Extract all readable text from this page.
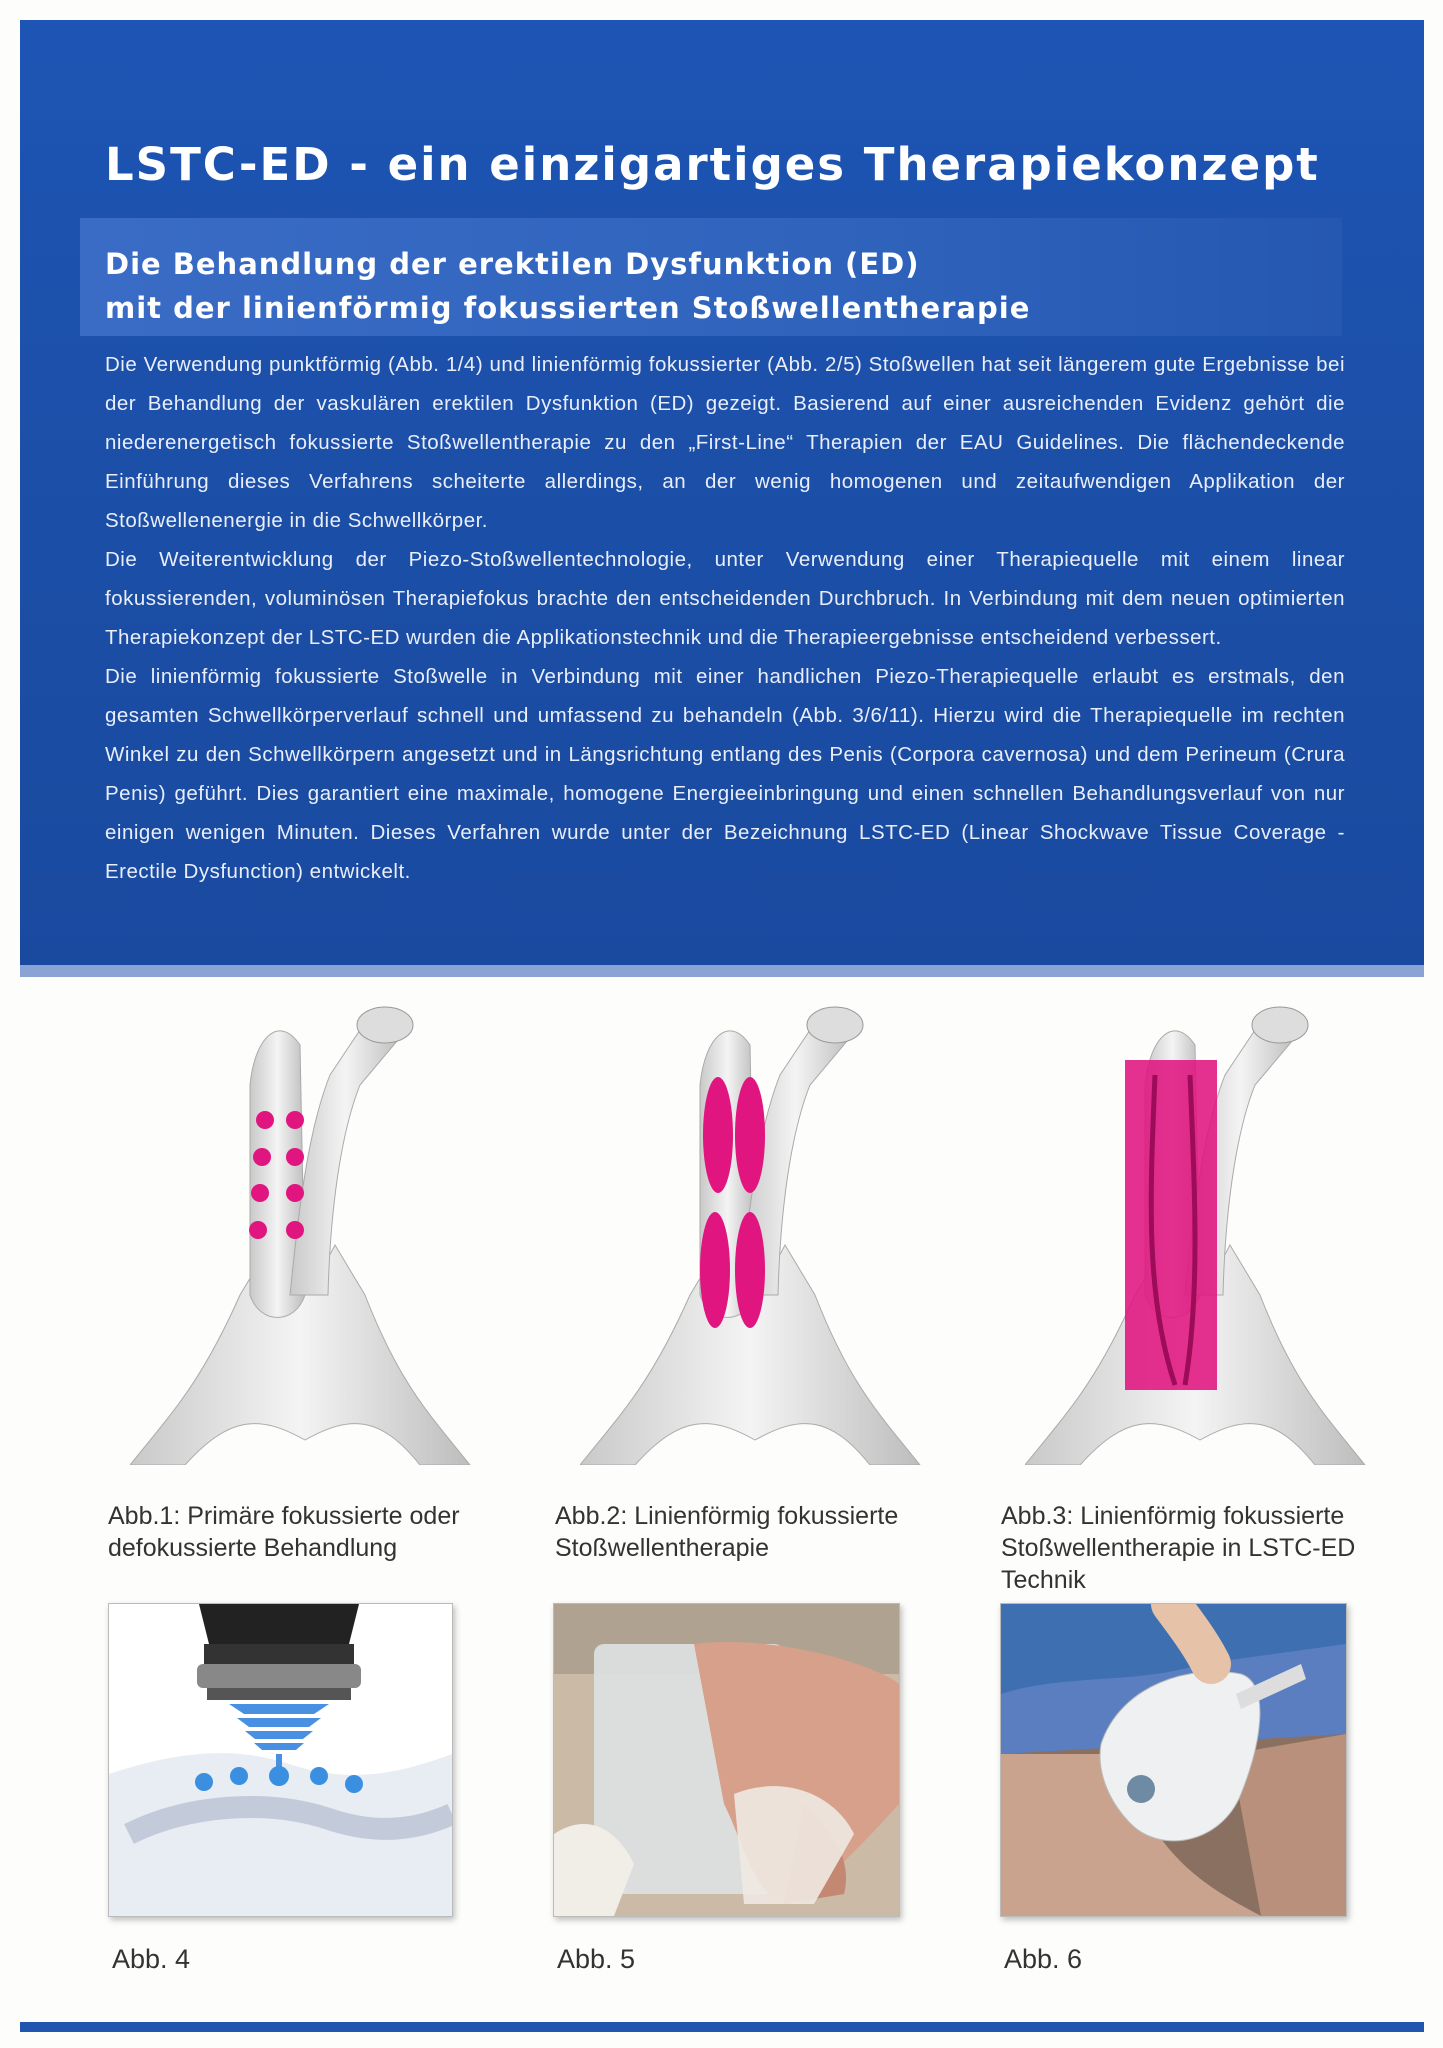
LSTC-ED - ein einzigartiges Therapiekonzept
Die Behandlung der erektilen Dysfunktion (ED)
mit der linienförmig fokussierten Stoßwellentherapie

Die Verwendung punktförmig (Abb. 1/4) und linienförmig fokussierter (Abb. 2/5) Stoßwellen hat seit längerem gute Ergebnisse bei der Behandlung der vaskulären erektilen Dysfunktion (ED) gezeigt. Basierend auf einer ausreichenden Evidenz gehört die niederenergetisch fokussierte Stoßwellentherapie zu den „First-Line“ Therapien der EAU Guidelines. Die flächendeckende Einführung dieses Verfahrens scheiterte allerdings, an der wenig homogenen und zeitaufwendigen Applikation der Stoßwellenenergie in die Schwellkörper.

Die Weiterentwicklung der Piezo-Stoßwellentechnologie, unter Verwendung einer Therapiequelle mit einem linear fokussierenden, voluminösen Therapiefokus brachte den entscheidenden Durchbruch. In Verbindung mit dem neuen optimierten Therapiekonzept der LSTC-ED wurden die Applikationstechnik und die Therapieergebnisse entscheidend verbessert.

Die linienförmig fokussierte Stoßwelle in Verbindung mit einer handlichen Piezo-Therapiequelle erlaubt es erstmals, den gesamten Schwellkörperverlauf schnell und umfassend zu behandeln (Abb. 3/6/11). Hierzu wird die Therapiequelle im rechten Winkel zu den Schwellkörpern angesetzt und in Längsrichtung entlang des Penis (Corpora cavernosa) und dem Perineum (Crura Penis) geführt. Dies garantiert eine maximale, homogene Energieeinbringung und einen schnellen Behandlungsverlauf von nur einigen wenigen Minuten. Dieses Verfahren wurde unter der Bezeichnung LSTC-ED (Linear Shockwave Tissue Coverage - Erectile Dysfunction) entwickelt.

Abb.1: Primäre fokussierte oder defokussierte Behandlung
Abb.2: Linienförmig fokussierte Stoßwellentherapie
Abb.3: Linienförmig fokussierte Stoßwellentherapie in LSTC-ED Technik
Abb. 4	Abb. 5	Abb. 6
